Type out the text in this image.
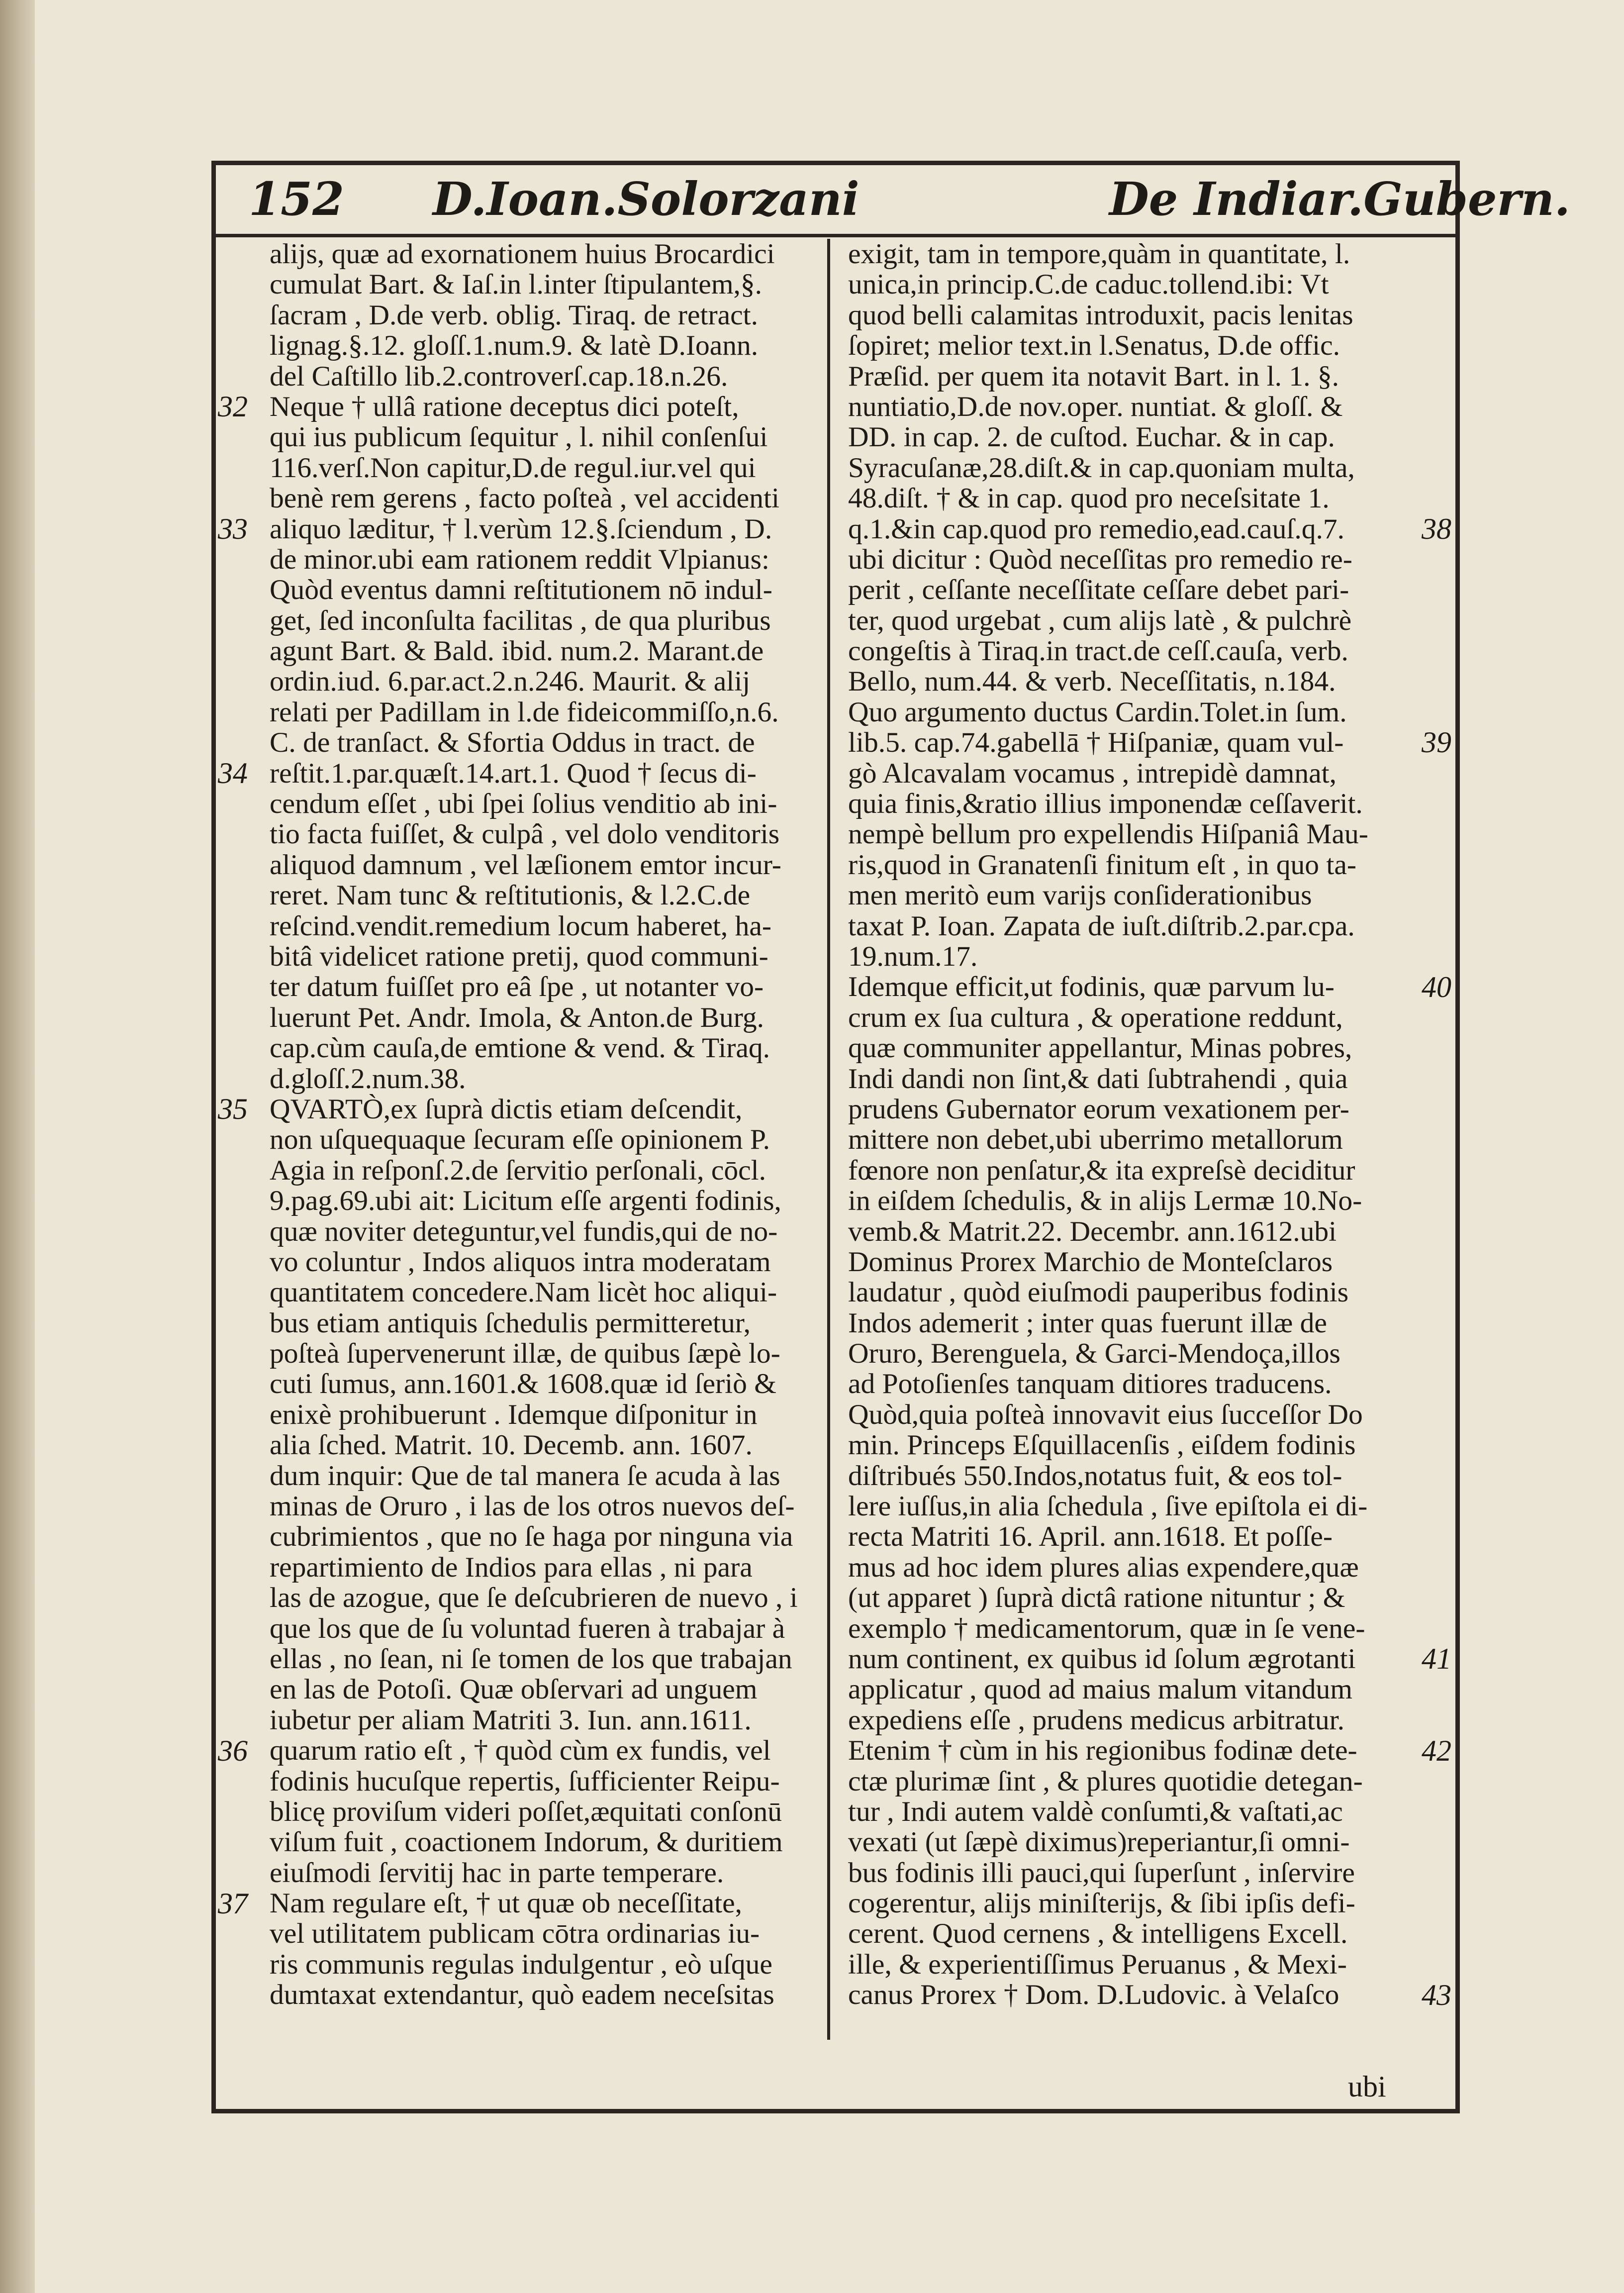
152 D.Ioan.Solorzani	De Indiar.Gubern.
alijs, quæ ad exornationem huius Brocardici
cumulat Bart. & Iaſ.in l.inter ſtipulantem,§.
ſacram , D.de verb. oblig. Tiraq. de retract.
lignag.§.12. gloſſ.1.num.9. & latè D.Ioann.
del Caſtillo lib.2.controverſ.cap.18.n.26.
Neque † ullâ ratione deceptus dici poteſt,
qui ius publicum ſequitur , l. nihil conſenſui
116.verſ.Non capitur,D.de regul.iur.vel qui
benè rem gerens , facto poſteà , vel accidenti
aliquo læditur, † l.verùm 12.§.ſciendum , D.
de minor.ubi eam rationem reddit Vlpianus:
Quòd eventus damni reſtitutionem nō indul-
get, ſed inconſulta facilitas , de qua pluribus
agunt Bart. & Bald. ibid. num.2. Marant.de
ordin.iud. 6.par.act.2.n.246. Maurit. & alij
relati per Padillam in l.de fideicommiſſo,n.6.
C. de tranſact. & Sfortia Oddus in tract. de
reſtit.1.par.quæſt.14.art.1. Quod † ſecus di-
cendum eſſet , ubi ſpei ſolius venditio ab ini-
tio facta fuiſſet, & culpâ , vel dolo venditoris
aliquod damnum , vel læſionem emtor incur-
reret. Nam tunc & reſtitutionis, & l.2.C.de
reſcind.vendit.remedium locum haberet, ha-
bitâ videlicet ratione pretij, quod communi-
ter datum fuiſſet pro eâ ſpe , ut notanter vo-
luerunt Pet. Andr. Imola, & Anton.de Burg.
cap.cùm cauſa,de emtione & vend. & Tiraq.
d.gloſſ.2.num.38.
QVARTÒ,ex ſuprà dictis etiam deſcendit,
non uſquequaque ſecuram eſſe opinionem P.
Agia in reſponſ.2.de ſervitio perſonali, cōcl.
9.pag.69.ubi ait: Licitum eſſe argenti fodinis,
quæ noviter deteguntur,vel fundis,qui de no-
vo coluntur , Indos aliquos intra moderatam
quantitatem concedere.Nam licèt hoc aliqui-
bus etiam antiquis ſchedulis permitteretur,
poſteà ſupervenerunt illæ, de quibus ſæpè lo-
cuti ſumus, ann.1601.& 1608.quæ id ſeriò &
enixè prohibuerunt . Idemque diſponitur in
alia ſched. Matrit. 10. Decemb. ann. 1607.
dum inquir: Que de tal manera ſe acuda à las
minas de Oruro , i las de los otros nuevos deſ-
cubrimientos , que no ſe haga por ninguna via
repartimiento de Indios para ellas , ni para
las de azogue, que ſe deſcubrieren de nuevo , i
que los que de ſu voluntad fueren à trabajar à
ellas , no ſean, ni ſe tomen de los que trabajan
en las de Potoſi. Quæ obſervari ad unguem
iubetur per aliam Matriti 3. Iun. ann.1611.
quarum ratio eſt , † quòd cùm ex fundis, vel
fodinis hucuſque repertis, ſufficienter Reipu-
blicę proviſum videri poſſet,æquitati conſonū
viſum fuit , coactionem Indorum, & duritiem
eiuſmodi ſervitij hac in parte temperare.
Nam regulare eſt, † ut quæ ob neceſſitate,
vel utilitatem publicam cōtra ordinarias iu-
ris communis regulas indulgentur , eò uſque
dumtaxat extendantur, quò eadem neceſsitas
exigit, tam in tempore,quàm in quantitate, l.
unica,in princip.C.de caduc.tollend.ibi: Vt
quod belli calamitas introduxit, pacis lenitas
ſopiret; melior text.in l.Senatus, D.de offic.
Præſid. per quem ita notavit Bart. in l. 1. §.
nuntiatio,D.de nov.oper. nuntiat. & gloſſ. &
DD. in cap. 2. de cuſtod. Euchar. & in cap.
Syracuſanæ,28.diſt.& in cap.quoniam multa,
48.diſt. † & in cap. quod pro neceſsitate 1.
q.1.&in cap.quod pro remedio,ead.cauſ.q.7.
ubi dicitur : Quòd neceſſitas pro remedio re-
perit , ceſſante neceſſitate ceſſare debet pari-
ter, quod urgebat , cum alijs latè , & pulchrè
congeſtis à Tiraq.in tract.de ceſſ.cauſa, verb.
Bello, num.44. & verb. Neceſſitatis, n.184.
Quo argumento ductus Cardin.Tolet.in ſum.
lib.5. cap.74.gabellā † Hiſpaniæ, quam vul-
gò Alcavalam vocamus , intrepidè damnat,
quia finis,&ratio illius imponendæ ceſſaverit.
nempè bellum pro expellendis Hiſpaniâ Mau-
ris,quod in Granatenſi finitum eſt , in quo ta-
men meritò eum varijs conſiderationibus
taxat P. Ioan. Zapata de iuſt.diſtrib.2.par.cpa.
19.num.17.
Idemque efficit,ut fodinis, quæ parvum lu-
crum ex ſua cultura , & operatione reddunt,
quæ communiter appellantur, Minas pobres,
Indi dandi non ſint,& dati ſubtrahendi , quia
prudens Gubernator eorum vexationem per-
mittere non debet,ubi uberrimo metallorum
fœnore non penſatur,& ita expreſsè deciditur
in eiſdem ſchedulis, & in alijs Lermæ 10.No-
vemb.& Matrit.22. Decembr. ann.1612.ubi
Dominus Prorex Marchio de Monteſclaros
laudatur , quòd eiuſmodi pauperibus fodinis
Indos ademerit ; inter quas fuerunt illæ de
Oruro, Berenguela, & Garci-Mendoça,illos
ad Potoſienſes tanquam ditiores traducens.
Quòd,quia poſteà innovavit eius ſucceſſor Do
min. Princeps Eſquillacenſis , eiſdem fodinis
diſtribués 550.Indos,notatus fuit, & eos tol-
lere iuſſus,in alia ſchedula , ſive epiſtola ei di-
recta Matriti 16. April. ann.1618. Et poſſe-
mus ad hoc idem plures alias expendere,quæ
(ut apparet ) ſuprà dictâ ratione nituntur ; &
exemplo † medicamentorum, quæ in ſe vene-
num continent, ex quibus id ſolum ægrotanti
applicatur , quod ad maius malum vitandum
expediens eſſe , prudens medicus arbitratur.
Etenim † cùm in his regionibus fodinæ dete-
ctæ plurimæ ſint , & plures quotidie detegan-
tur , Indi autem valdè conſumti,& vaſtati,ac
vexati (ut ſæpè diximus)reperiantur,ſi omni-
bus fodinis illi pauci,qui ſuperſunt , inſervire
cogerentur, alijs miniſterijs, & ſibi ipſis defi-
cerent. Quod cernens , & intelligens Excell.
ille, & experientiſſimus Peruanus , & Mexi-
canus Prorex † Dom. D.Ludovic. à Velaſco
32
33
34
35
36
37
38
39
40
41
42
43
ubi
